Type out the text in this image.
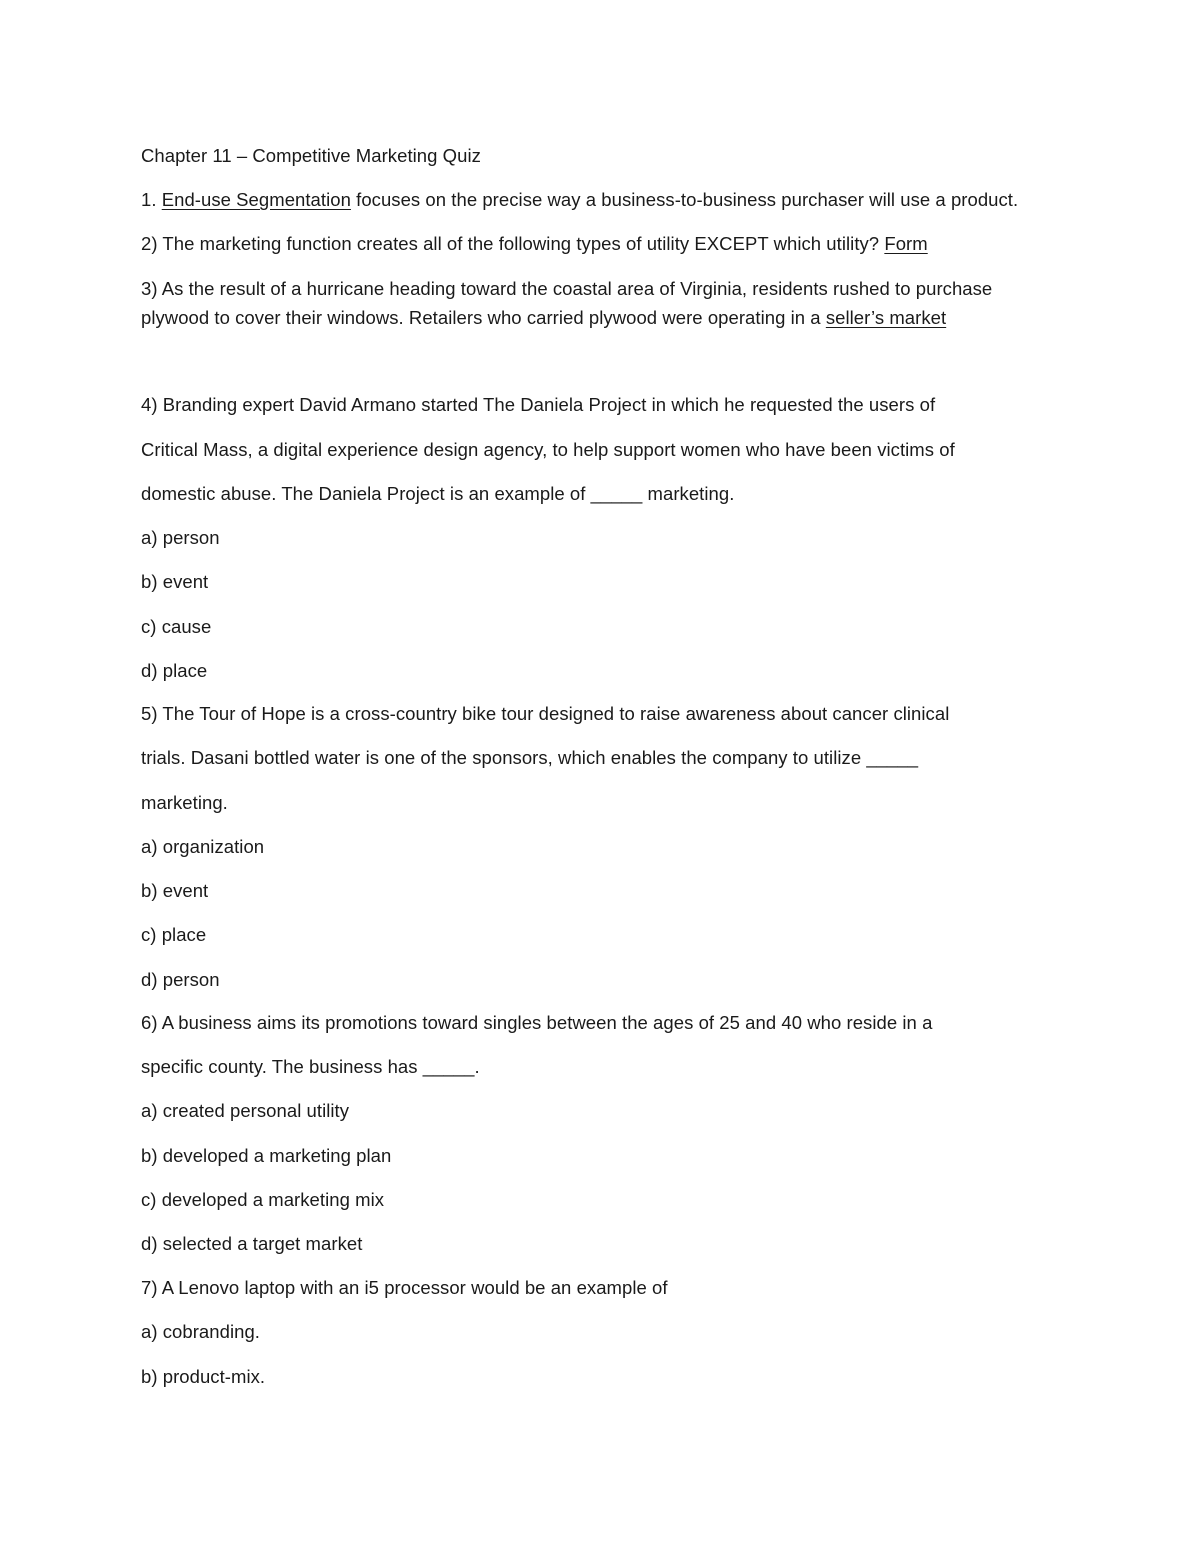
Chapter 11 – Competitive Marketing Quiz
1. End-use Segmentation focuses on the precise way a business-to-business purchaser will use a product.
2) The marketing function creates all of the following types of utility EXCEPT which utility? Form
3) As the result of a hurricane heading toward the coastal area of Virginia, residents rushed to purchase
plywood to cover their windows. Retailers who carried plywood were operating in a seller’s market
4) Branding expert David Armano started The Daniela Project in which he requested the users of
Critical Mass, a digital experience design agency, to help support women who have been victims of
domestic abuse. The Daniela Project is an example of _____ marketing.
a) person
b) event
c) cause
d) place
5) The Tour of Hope is a cross-country bike tour designed to raise awareness about cancer clinical
trials. Dasani bottled water is one of the sponsors, which enables the company to utilize _____
marketing.
a) organization
b) event
c) place
d) person
6) A business aims its promotions toward singles between the ages of 25 and 40 who reside in a
specific county. The business has _____.
a) created personal utility
b) developed a marketing plan
c) developed a marketing mix
d) selected a target market
7) A Lenovo laptop with an i5 processor would be an example of
a) cobranding.
b) product-mix.
